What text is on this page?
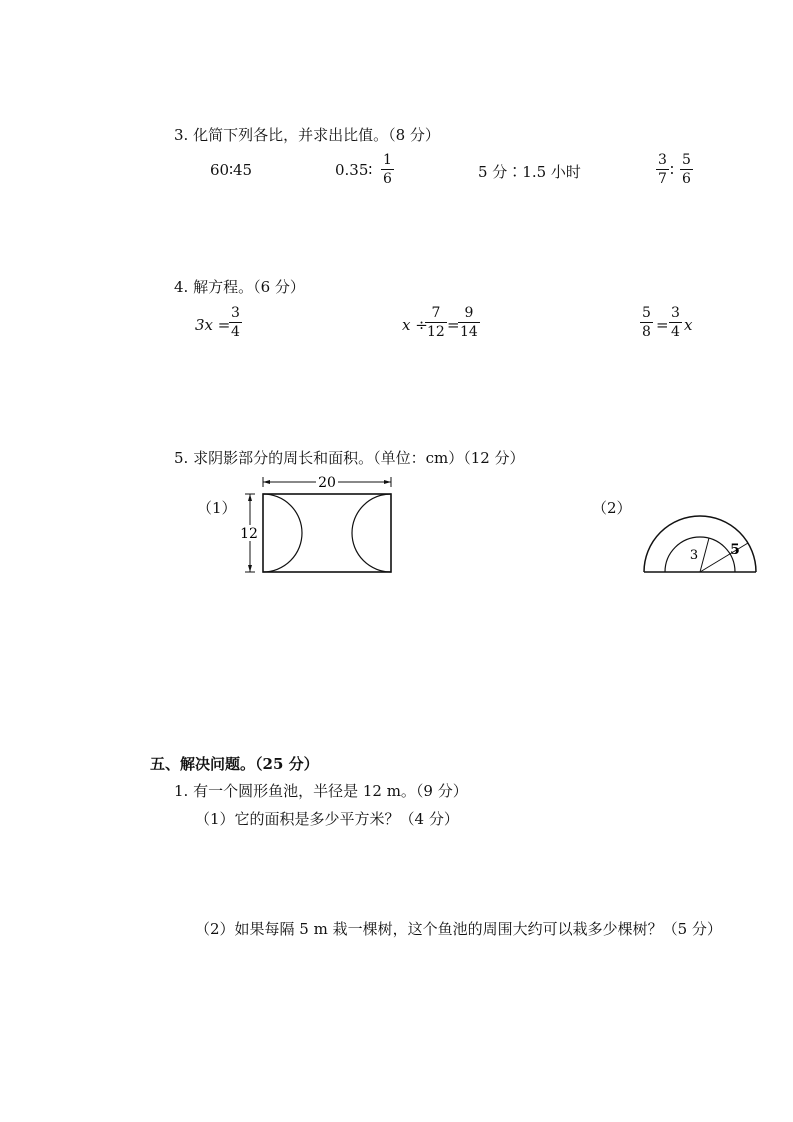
3. 化简下列各比，并求出比值。（8 分）
60∶45	0.35∶ $\frac{1}{6}$	5 分∶1.5 小时	$\frac{3}{7}$ ∶ $\frac{5}{6}$
4. 解方程。（6 分）
3x =
$\frac{3}{4}$	x ÷
$\frac{7}{12}$ =
$\frac{9}{14}$	$\frac{5}{8} = \frac{3}{4}$ x
5. 求阴影部分的周长和面积。（单位：cm）（12 分）
（1）
20
12
（2）
3 5
五、解决问题。（25 分）
1. 有一个圆形鱼池，半径是 12 m。（9 分）
（1）它的面积是多少平方米？（4 分）
（2）如果每隔 5 m 栽一棵树，这个鱼池的周围大约可以栽多少棵树？（5 分）
